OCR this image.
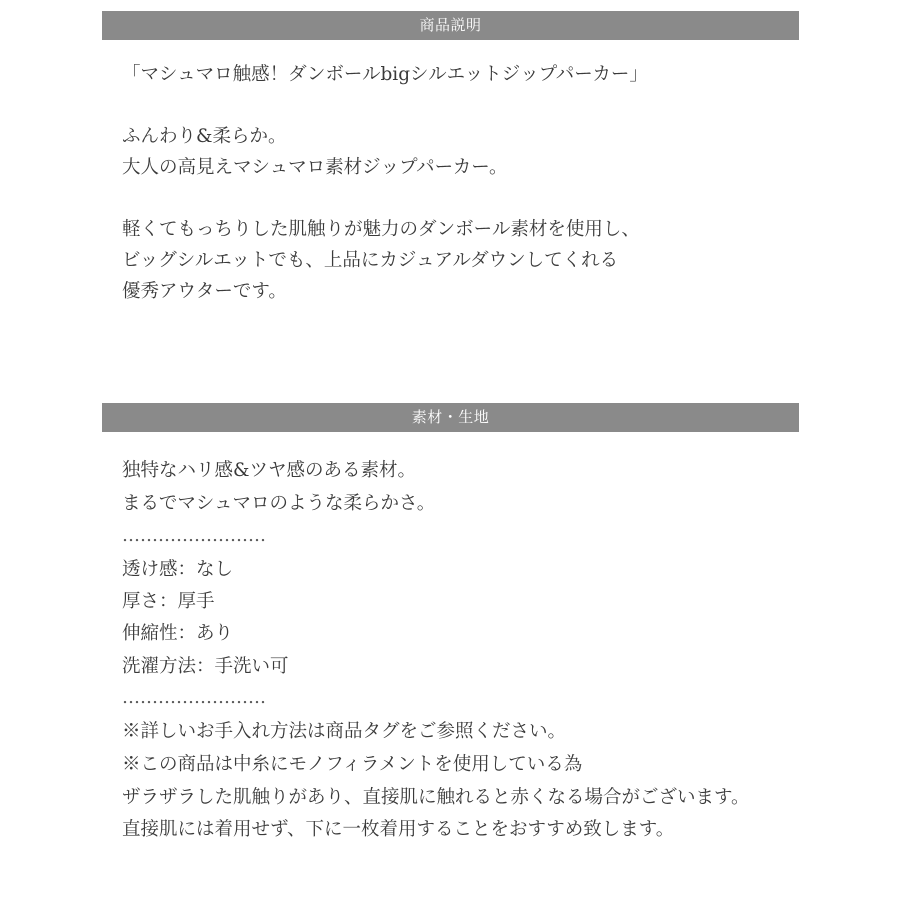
商品説明
「マシュマロ触感！ダンボールbigシルエットジップパーカー」
ふんわり&柔らか。
大人の高見えマシュマロ素材ジップパーカー。
軽くてもっちりした肌触りが魅力のダンボール素材を使用し、
ビッグシルエットでも、上品にカジュアルダウンしてくれる
優秀アウターです。
素材・生地
独特なハリ感&ツヤ感のある素材。
まるでマシュマロのような柔らかさ。
……………………
透け感：なし
厚さ：厚手
伸縮性：あり
洗濯方法：手洗い可
……………………
※詳しいお手入れ方法は商品タグをご参照ください。
※この商品は中糸にモノフィラメントを使用している為
ザラザラした肌触りがあり、直接肌に触れると赤くなる場合がございます。
直接肌には着用せず、下に一枚着用することをおすすめ致します。
